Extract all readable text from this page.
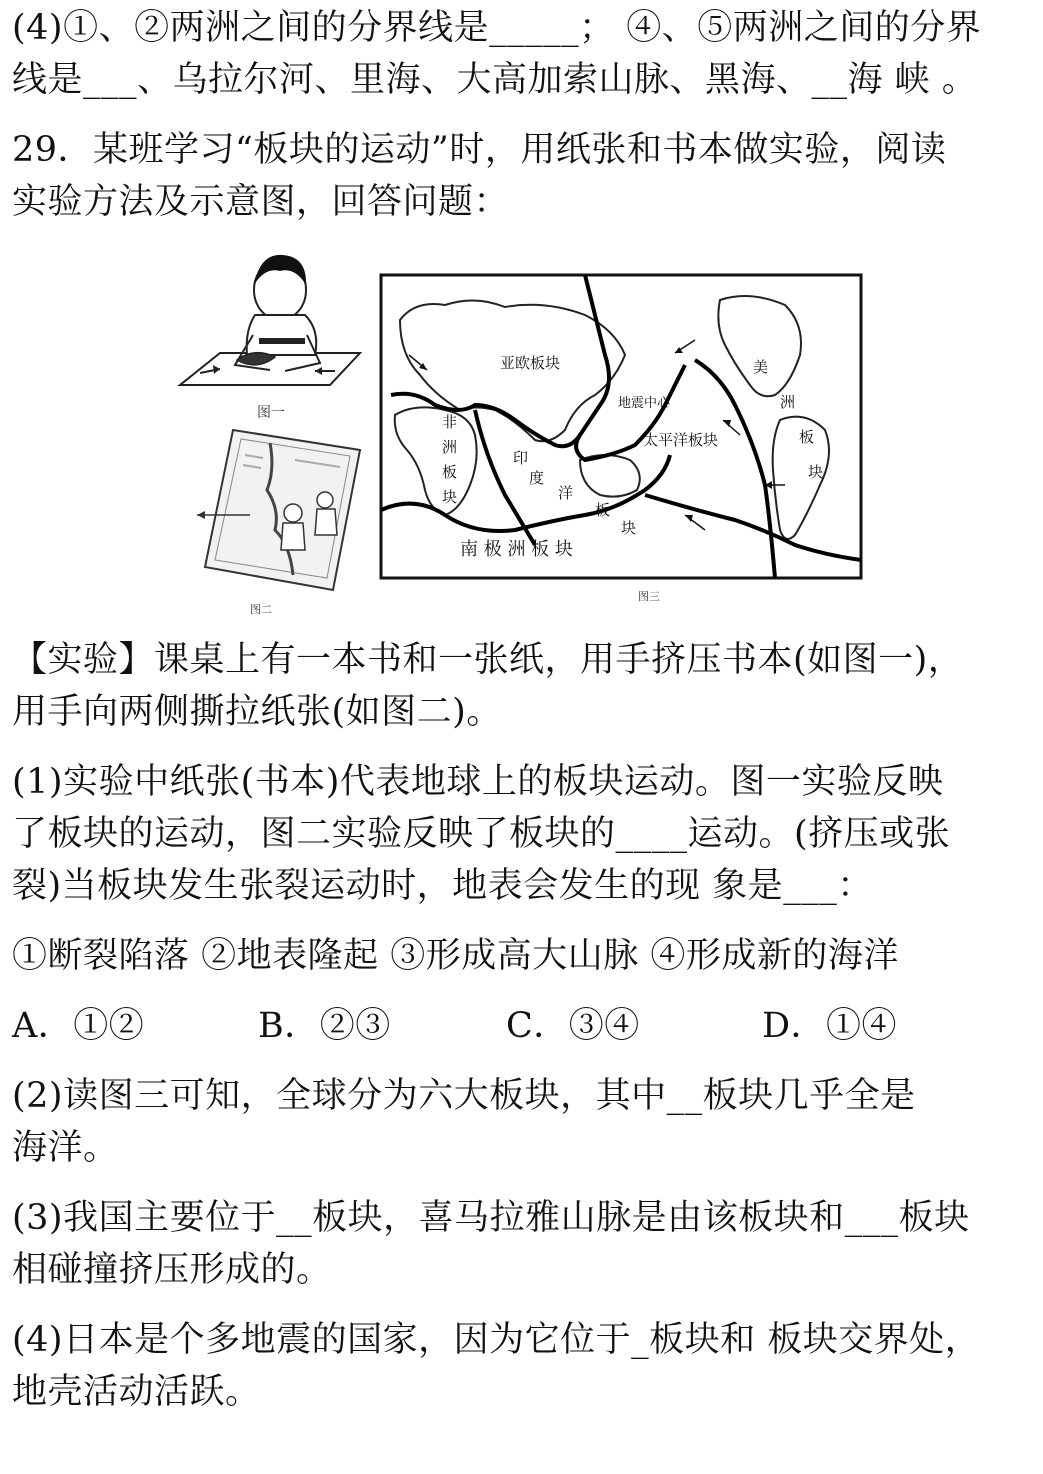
(4)①、②两洲之间的分界线是_____； ④、⑤两洲之间的分界
线是___、乌拉尔河、里海、大高加索山脉、黑海、__海 峡 。
29．某班学习“板块的运动”时，用纸张和书本做实验，阅读
实验方法及示意图，回答问题：
图一
图二
亚欧板块
地震中心
太平洋板块
非
洲
板
块
印
度
洋
板
块
美
洲
板
块
南 极 洲 板 块
图三
【实验】课桌上有一本书和一张纸，用手挤压书本(如图一)，
用手向两侧撕拉纸张(如图二)。
(1)实验中纸张(书本)代表地球上的板块运动。图一实验反映
了板块的运动，图二实验反映了板块的____运动。(挤压或张
裂)当板块发生张裂运动时，地表会发生的现 象是___：
①断裂陷落 ②地表隆起 ③形成高大山脉 ④形成新的海洋
A．①②	B．②③	C．③④	D．①④
(2)读图三可知，全球分为六大板块，其中__板块几乎全是
海洋。
(3)我国主要位于__板块，喜马拉雅山脉是由该板块和___板块
相碰撞挤压形成的。
(4)日本是个多地震的国家，因为它位于_板块和 板块交界处，
地壳活动活跃。
